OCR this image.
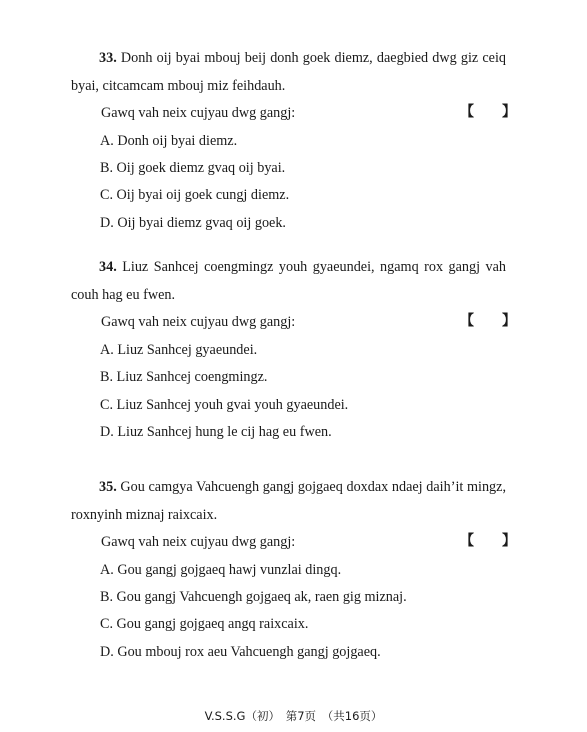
33. Donh oij byai mbouj beij donh goek diemz, daegbied dwg giz ceiq
byai, citcamcam mbouj miz feihdauh.
Gawq vah neix cujyau dwg gangj:	【　　】
A. Donh oij byai diemz.
B. Oij goek diemz gvaq oij byai.
C. Oij byai oij goek cungj diemz.
D. Oij byai diemz gvaq oij goek.
34. Liuz Sanhcej coengmingz youh gyaeundei, ngamq rox gangj vah
couh hag eu fwen.
Gawq vah neix cujyau dwg gangj:	【　　】
A. Liuz Sanhcej gyaeundei.
B. Liuz Sanhcej coengmingz.
C. Liuz Sanhcej youh gvai youh gyaeundei.
D. Liuz Sanhcej hung le cij hag eu fwen.
35. Gou camgya Vahcuengh gangj gojgaeq doxdax ndaej daih’it mingz,
roxnyinh miznaj raixcaix.
Gawq vah neix cujyau dwg gangj:	【　　】
A. Gou gangj gojgaeq hawj vunzlai dingq.
B. Gou gangj Vahcuengh gojgaeq ak, raen gig miznaj.
C. Gou gangj gojgaeq angq raixcaix.
D. Gou mbouj rox aeu Vahcuengh gangj gojgaeq.
V.S.S.G（初）　第7页　（共16页）
